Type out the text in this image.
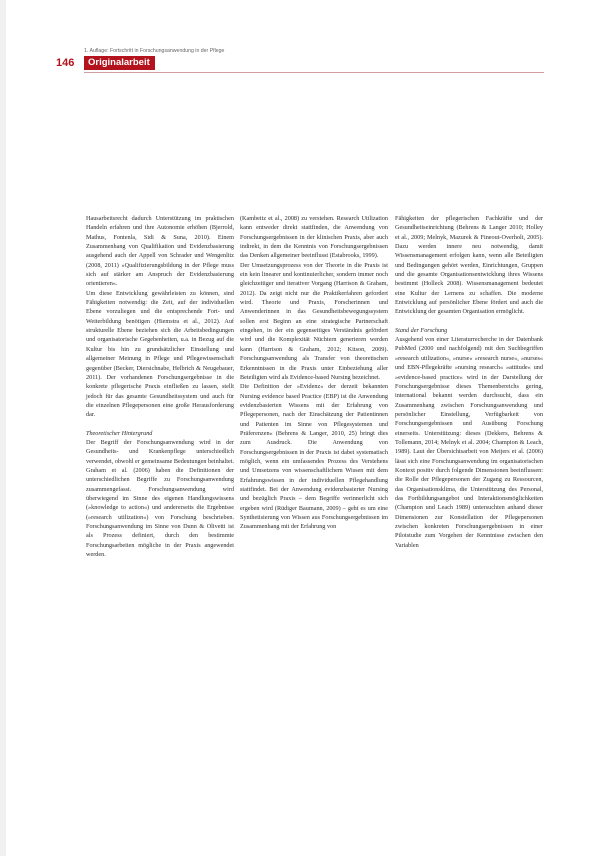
1. Auflage: Fortschritt in Forschungsanwendung in der Pflege
146	Originalarbeit

Hausarbeitsrecht dadurch Unterstützung im praktischen Handeln erfahren und ihre Autonomie erhöhen (Bjerrold, Mathus, Fontenla, Sidi & Suna, 2010). Einem Zusammenhang von Qualifikation und Evidenzbasierung ausgehend auch der Appell von Schrader und Wengenlitz (2008, 2011) »Qualifizierungsbildung in der Pflege muss sich auf stärker am Anspruch der Evidenzbasierung orientieren«.

Um diese Entwicklung gewährleisten zu können, sind Fähigkeiten notwendig: die Zeit, auf der individuellen Ebene vorzuliegen und die entsprechende Fort- und Weiterbildung benötigen (Hiemstra et al., 2012). Auf strukturelle Ebene beziehen sich die Arbeitsbedingungen und organisatorische Gegebenheiten, u.a. in Bezug auf die Kultur bis hin zu grundsätzlicher Einstellung und allgemeiner Meinung in Pflege und Pflegewissenschaft gegenüber (Becker, Diersichnabe, Helbrich & Neugebauer, 2011). Der vorhandenen Forschungsergebnisse in die konkrete pflegerische Praxis einfließen zu lassen, stellt jedoch für das gesamte Gesundheitssystem und auch für die einzelnen Pflegepersonen eine große Herausforderung dar.

Theoretischer Hintergrund

Der Begriff der Forschungsanwendung wird in der Gesundheits- und Krankenpflege unterschiedlich verwendet, obwohl er gemeinsame Bedeutungen beinhaltet. Graham et al. (2006) haben die Definitionen der unterschiedlichen Begriffe zu Forschungsanwendung zusammengefasst. Forschungsanwendung wird überwiegend im Sinne des eigenen Handlungswissens (»knowledge to action«) und andererseits die Ergebnisse (»research utilization«) von Forschung beschrieben. Forschungsanwendung im Sinne von Dunn & Olivetti ist als Prozess definiert, durch den bestimmte Forschungsarbeiten mögliche in der Praxis angewendet werden.

(Kambeitz et al., 2008) zu verstehen. Research Utilization kann entweder direkt stattfinden, die Anwendung von Forschungsergebnissen in der klinischen Praxis, aber auch indirekt, in dem die Kenntnis von Forschungsergebnissen das Denken allgemeiner beeinflusst (Estabrooks, 1999).

Der Umsetzungsprozess von der Theorie in die Praxis ist ein kein linearer und kontinuierlicher, sondern immer noch gleichzeitiger und iterativer Vorgang (Harrison & Graham, 2012). Da zeigt nicht nur die Praktikerfahren gefordert wird. Theorie und Praxis, Forscherinnen und Anwenderinnen in das Gesundheitsbewegungssystem sollen erst Beginn an eine strategische Partnerschaft eingehen, in der ein gegenseitiges Verständnis gefördert wird und die Komplexität Nüchtern generieren werden kann (Harrison & Graham, 2012; Kitson, 2009). Forschungsanwendung als Transfer von theoretischen Erkenntnissen in die Praxis unter Einbeziehung aller Beteiligten wird als Evidence-based Nursing bezeichnet.

Die Definition der »Evidenz« der derzeit bekannten Nursing evidence based Practice (EBP) ist die Anwendung evidenzbasierten Wissens mit der Erfahrung von Pflegepersonen, nach der Einschätzung der Patientinnen und Patienten im Sinne von Pflegesystemen und Präferenzen« (Behrens & Langer, 2010, 25) bringt dies zum Ausdruck. Die Anwendung von Forschungsergebnissen in der Praxis ist dabei systematisch möglich, wenn ein umfassendes Prozess des Verstehens und Umsetzens von wissenschaftlichem Wissen mit dem Erfahrungswissen in der individuellen Pflegehandlung stattfindet. Bei der Anwendung evidenzbasierter Nursing und bezüglich Praxis – dem Begriffe verinnerlicht sich ergeben wird (Rüdiger Baumann, 2009) – geht es um eine Synthetisierung von Wissen aus Forschungsergebnissen im Zusammenhang mit der Erfahrung von

Fähigkeiten der pflegerischen Fachkräfte und der Gesundheitseinrichtung (Behrens & Langer 2010; Holley et al., 2009; Melnyk, Mazurek & Fineout-Overholt, 2005). Dazu werden innere neu notwendig, damit Wissensmanagement erfolgen kann, wenn alle Beteiligten und Bedingungen gehört werden, Einrichtungen, Gruppen und die gesamte Organisationsentwicklung ihres Wissens bestimmt (Holleck 2008). Wissensmanagement bedeutet eine Kultur der Lernens zu schaffen. Die moderne Entwicklung auf persönlicher Ebene fördert und auch die Entwicklung der gesamten Organisation ermöglicht.

Stand der Forschung

Ausgehend von einer Literaturrecherche in der Datenbank PubMed (2000 und nachfolgend) mit den Suchbegriffen »research utilization«, »nurse« »research nurse«, »nurses« und EBN-Pflegekräfte »nursing research« »attitude« und »evidence-based practice« wird in der Darstellung der Forschungsergebnisse dieses Themenbereichs gering, international bekannt werden durchsucht, dass ein Zusammenhang zwischen Forschungsanwendung und persönlicher Einstellung, Verfügbarkeit von Forschungsergebnissen und Ausübung Forschung einerseits. Unterstützung: dieses (Dekkers, Behrens & Tollemann, 2014; Melnyk et al. 2004; Champion & Leach, 1989). Laut der Übersichtsarbeit von Meijers et al. (2006) lässt sich eine Forschungsanwendung im organisatorischen Kontext positiv durch folgende Dimensionen beeinflussen: die Rolle der Pflegepersonen der Zugang zu Ressourcen, das Organisationsklima, die Unterstützung des Personal, das Fortbildungsangebot und Interaktionsmöglichkeiten (Champion und Leach 1989) untersuchten anhand dieser Dimensionen zur Konstellation der Pflegepersonen zwischen konkreten Forschungsergebnissen in einer Pilotstudie zum Vorgehen der Kenntnisse zwischen den Variablen
